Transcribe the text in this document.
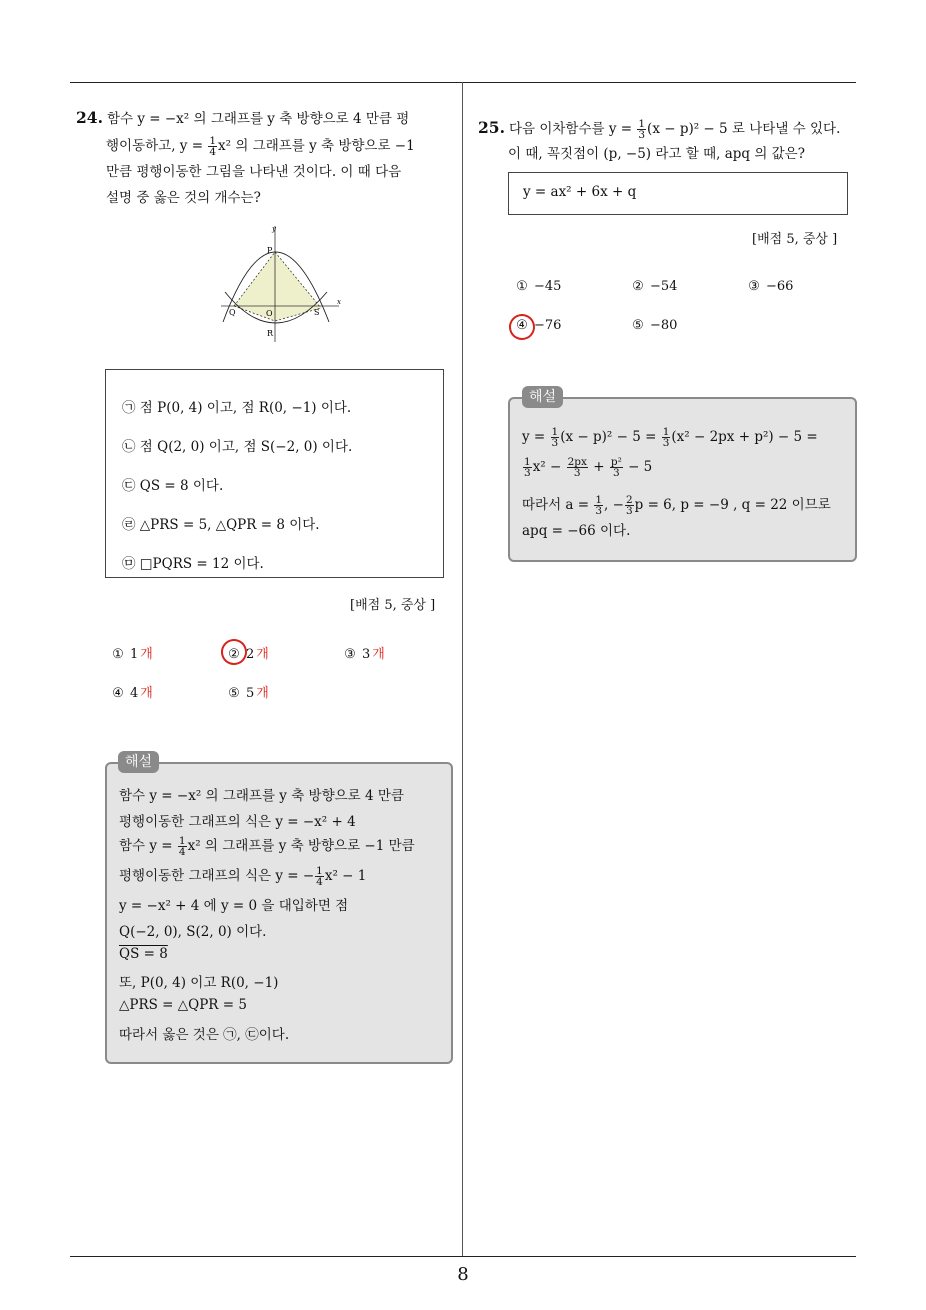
24. 함수 y = −x² 의 그래프를 y 축 방향으로 4 만큼 평
행이동하고, $y = \frac{1}{4} x^2$ 의 그래프를 y 축 방향으로 −1
만큼 평행이동한 그림을 나타낸 것이다. 이 때 다음
설명 중 옳은 것의 개수는?
y
x
P
O
Q	S
R
㉠ 점 P(0, 4) 이고, 점 R(0, −1) 이다.
㉡ 점 Q(2, 0) 이고, 점 S(−2, 0) 이다.
㉢ QS = 8 이다.
㉣ △PRS = 5, △QPR = 8 이다.
㉤ □PQRS = 12 이다.
[배점 5, 중상 ]
① 1 개	② 2 개	③ 3 개
④ 4 개	⑤ 5 개
함수 y = −x² 의 그래프를 y 축 방향으로 4 만큼
평행이동한 그래프의 식은 y = −x² + 4
함수 $y = \frac{1}{4} x^2$ 의 그래프를 y 축 방향으로 −1 만큼
평행이동한 그래프의 식은 y = − $\frac{1}{4} x^2 - 1$
y = −x² + 4 에 y = 0 을 대입하면 점
Q(−2, 0), S(2, 0) 이다.
QS = 8
또, P(0, 4) 이고 R(0, −1)
△PRS = △QPR = 5
따라서 옳은 것은 ㉠, ㉢이다.
해설
25. 다음 이차함수를 $y = \frac{1}{3} (x - p)^2 - 5$ 로 나타낼 수 있다.
이 때, 꼭짓점이 (p, −5) 라고 할 때, apq 의 값은?
y = ax² + 6x + q
[배점 5, 중상 ]
① −45	② −54	③ −66
④ −76	⑤ −80
$y = \frac{1}{3} (x - p)^2 - 5 = \frac{1}{3} (x^2 - 2px + p^2) - 5$ =
$\frac{1}{3} x^2 - \frac{2px}{3} + \frac{\text{p²}}{3} - 5$
따라서 $a = \frac{1}{3}$ , − $\frac{2}{3}$ p = 6, p = −9 , q = 22 이므로
apq = −66 이다.
해설
8
